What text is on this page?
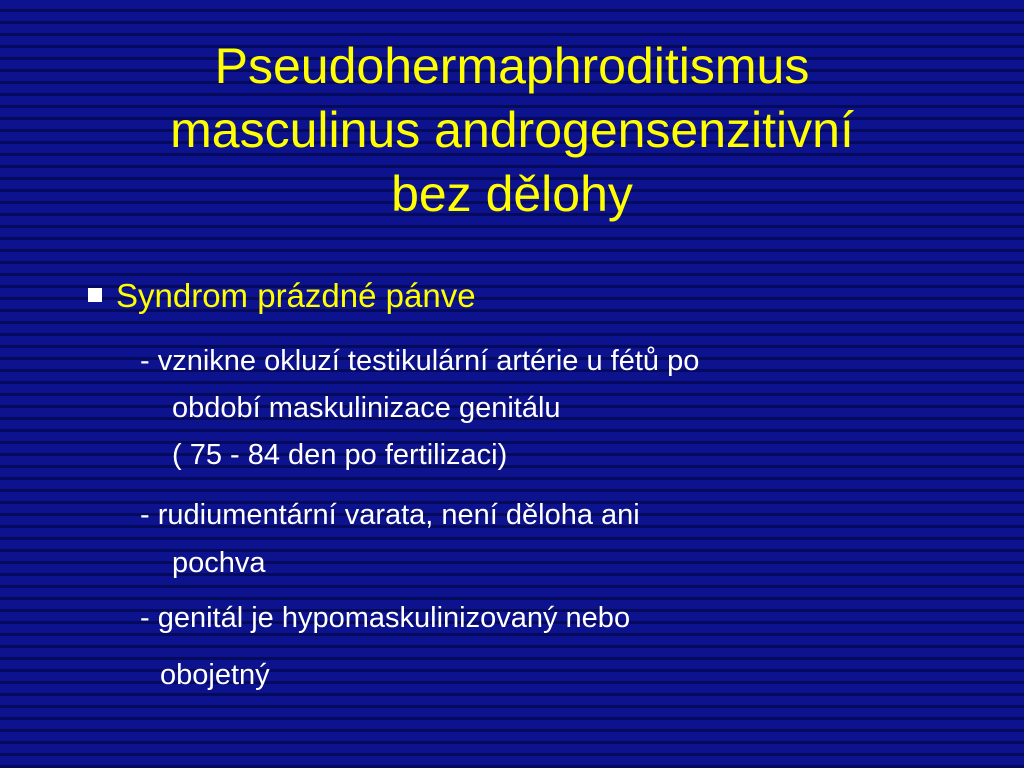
Pseudohermaphroditismus
masculinus androgensenzitivní
bez dělohy
Syndrom prázdné pánve
- vznikne okluzí testikulární artérie u fétů po
období maskulinizace genitálu
( 75 - 84 den po fertilizaci)
- rudiumentární varata, není děloha ani
pochva
- genitál je hypomaskulinizovaný nebo
obojetný
